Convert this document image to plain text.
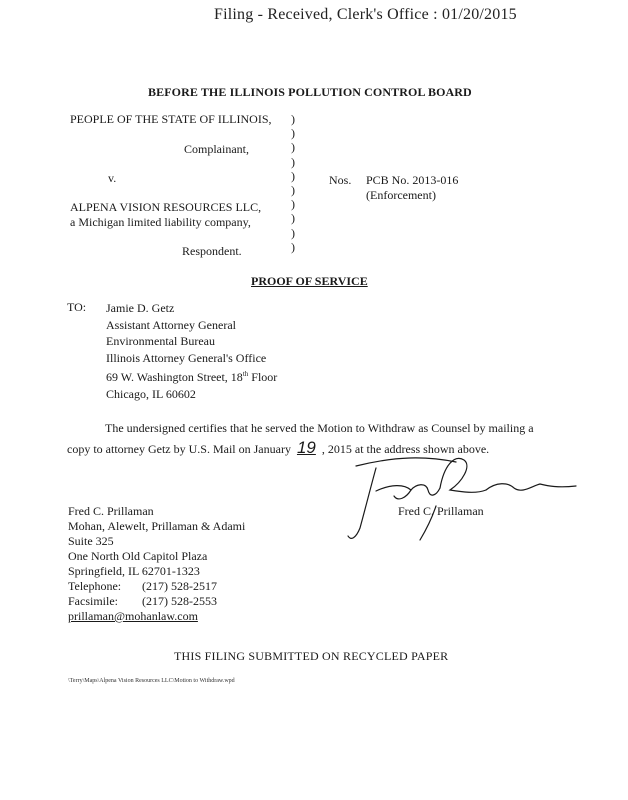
Filing - Received, Clerk's Office : 01/20/2015
BEFORE THE ILLINOIS POLLUTION CONTROL BOARD
PEOPLE OF THE STATE OF ILLINOIS,
Complainant,
v.
ALPENA VISION RESOURCES LLC,
a Michigan limited liability company,
Respondent.
)
)
)
)
)
)
)
)
)
)
Nos. PCB No. 2013-016
(Enforcement)
PROOF OF SERVICE
TO: Jamie D. Getz
Assistant Attorney General
Environmental Bureau
Illinois Attorney General's Office
69 W. Washington Street, 18th Floor
Chicago, IL 60602

The undersigned certifies that he served the Motion to Withdraw as Counsel by mailing a

copy to attorney Getz by U.S. Mail on January 19 , 2015 at the address shown above.

Fred C. Prillaman
Fred C. Prillaman
Mohan, Alewelt, Prillaman & Adami
Suite 325
One North Old Capitol Plaza
Springfield, IL 62701-1323
Telephone: (217) 528-2517
Facsimile: (217) 528-2553
prillaman@mohanlaw.com
THIS FILING SUBMITTED ON RECYCLED PAPER
\Terry\Maps\Alpena Vision Resources LLC\Motion to Withdraw.wpd
